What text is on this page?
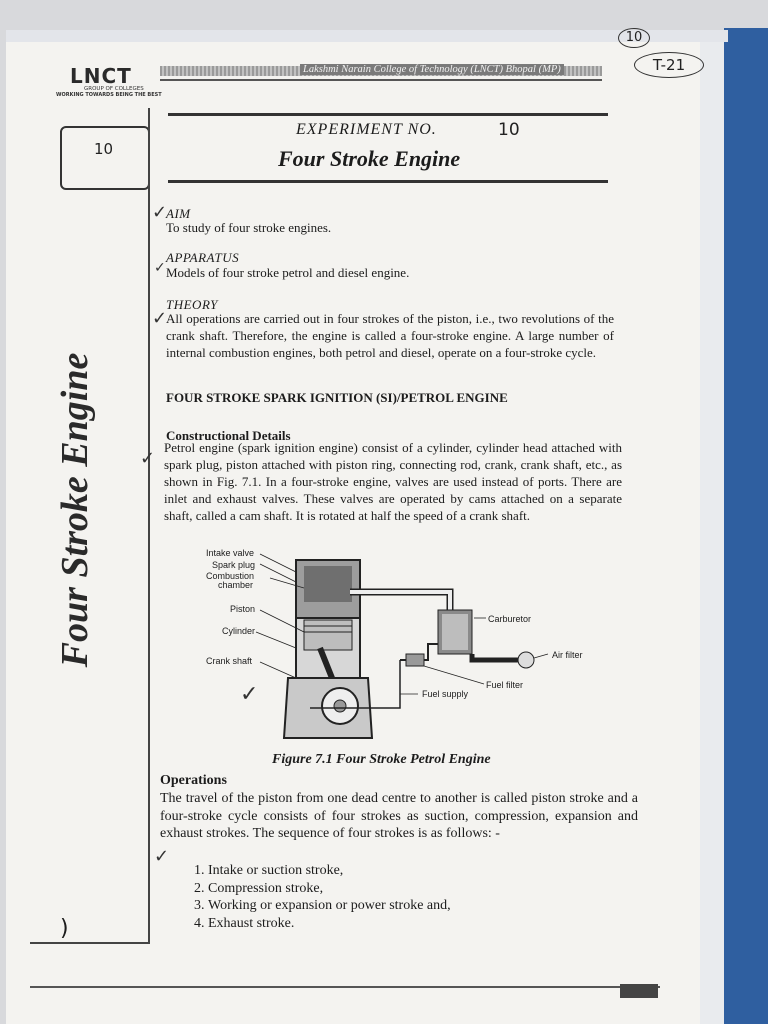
10
T-21
LNCT
GROUP OF COLLEGES
WORKING TOWARDS BEING THE BEST
Lakshmi Narain College of Technology (LNCT) Bhopal (MP)
10
Four Stroke Engine
EXPERIMENT NO.	10
Four Stroke Engine
✓
AIM
To study of four stroke engines.
APPARATUS
✓ Models of four stroke petrol and diesel engine.
THEORY
✓
All operations are carried out in four strokes of the piston, i.e., two revolutions of the crank shaft. Therefore, the engine is called a four-stroke engine. A large number of internal combustion engines, both petrol and diesel, operate on a four-stroke cycle.
FOUR STROKE SPARK IGNITION (SI)/PETROL ENGINE
Constructional Details
✓
Petrol engine (spark ignition engine) consist of a cylinder, cylinder head attached with spark plug, piston attached with piston ring, connecting rod, crank, crank shaft, etc., as shown in Fig. 7.1. In a four-stroke engine, valves are used instead of ports. There are inlet and exhaust valves. These valves are operated by cams attached on a separate shaft, called a cam shaft. It is rotated at half the speed of a crank shaft.
Intake valve
Spark plug
Combustion
chamber
Piston
Cylinder
Crank shaft
Carburetor
Air filter
Fuel filter
Fuel supply
✓
Figure 7.1 Four Stroke Petrol Engine
Operations
The travel of the piston from one dead centre to another is called piston stroke and a four-stroke cycle consists of four strokes as suction, compression, expansion and exhaust strokes. The sequence of four strokes is as follows: -
✓
1. Intake or suction stroke,
2. Compression stroke,
3. Working or expansion or power stroke and,
4. Exhaust stroke.
)
